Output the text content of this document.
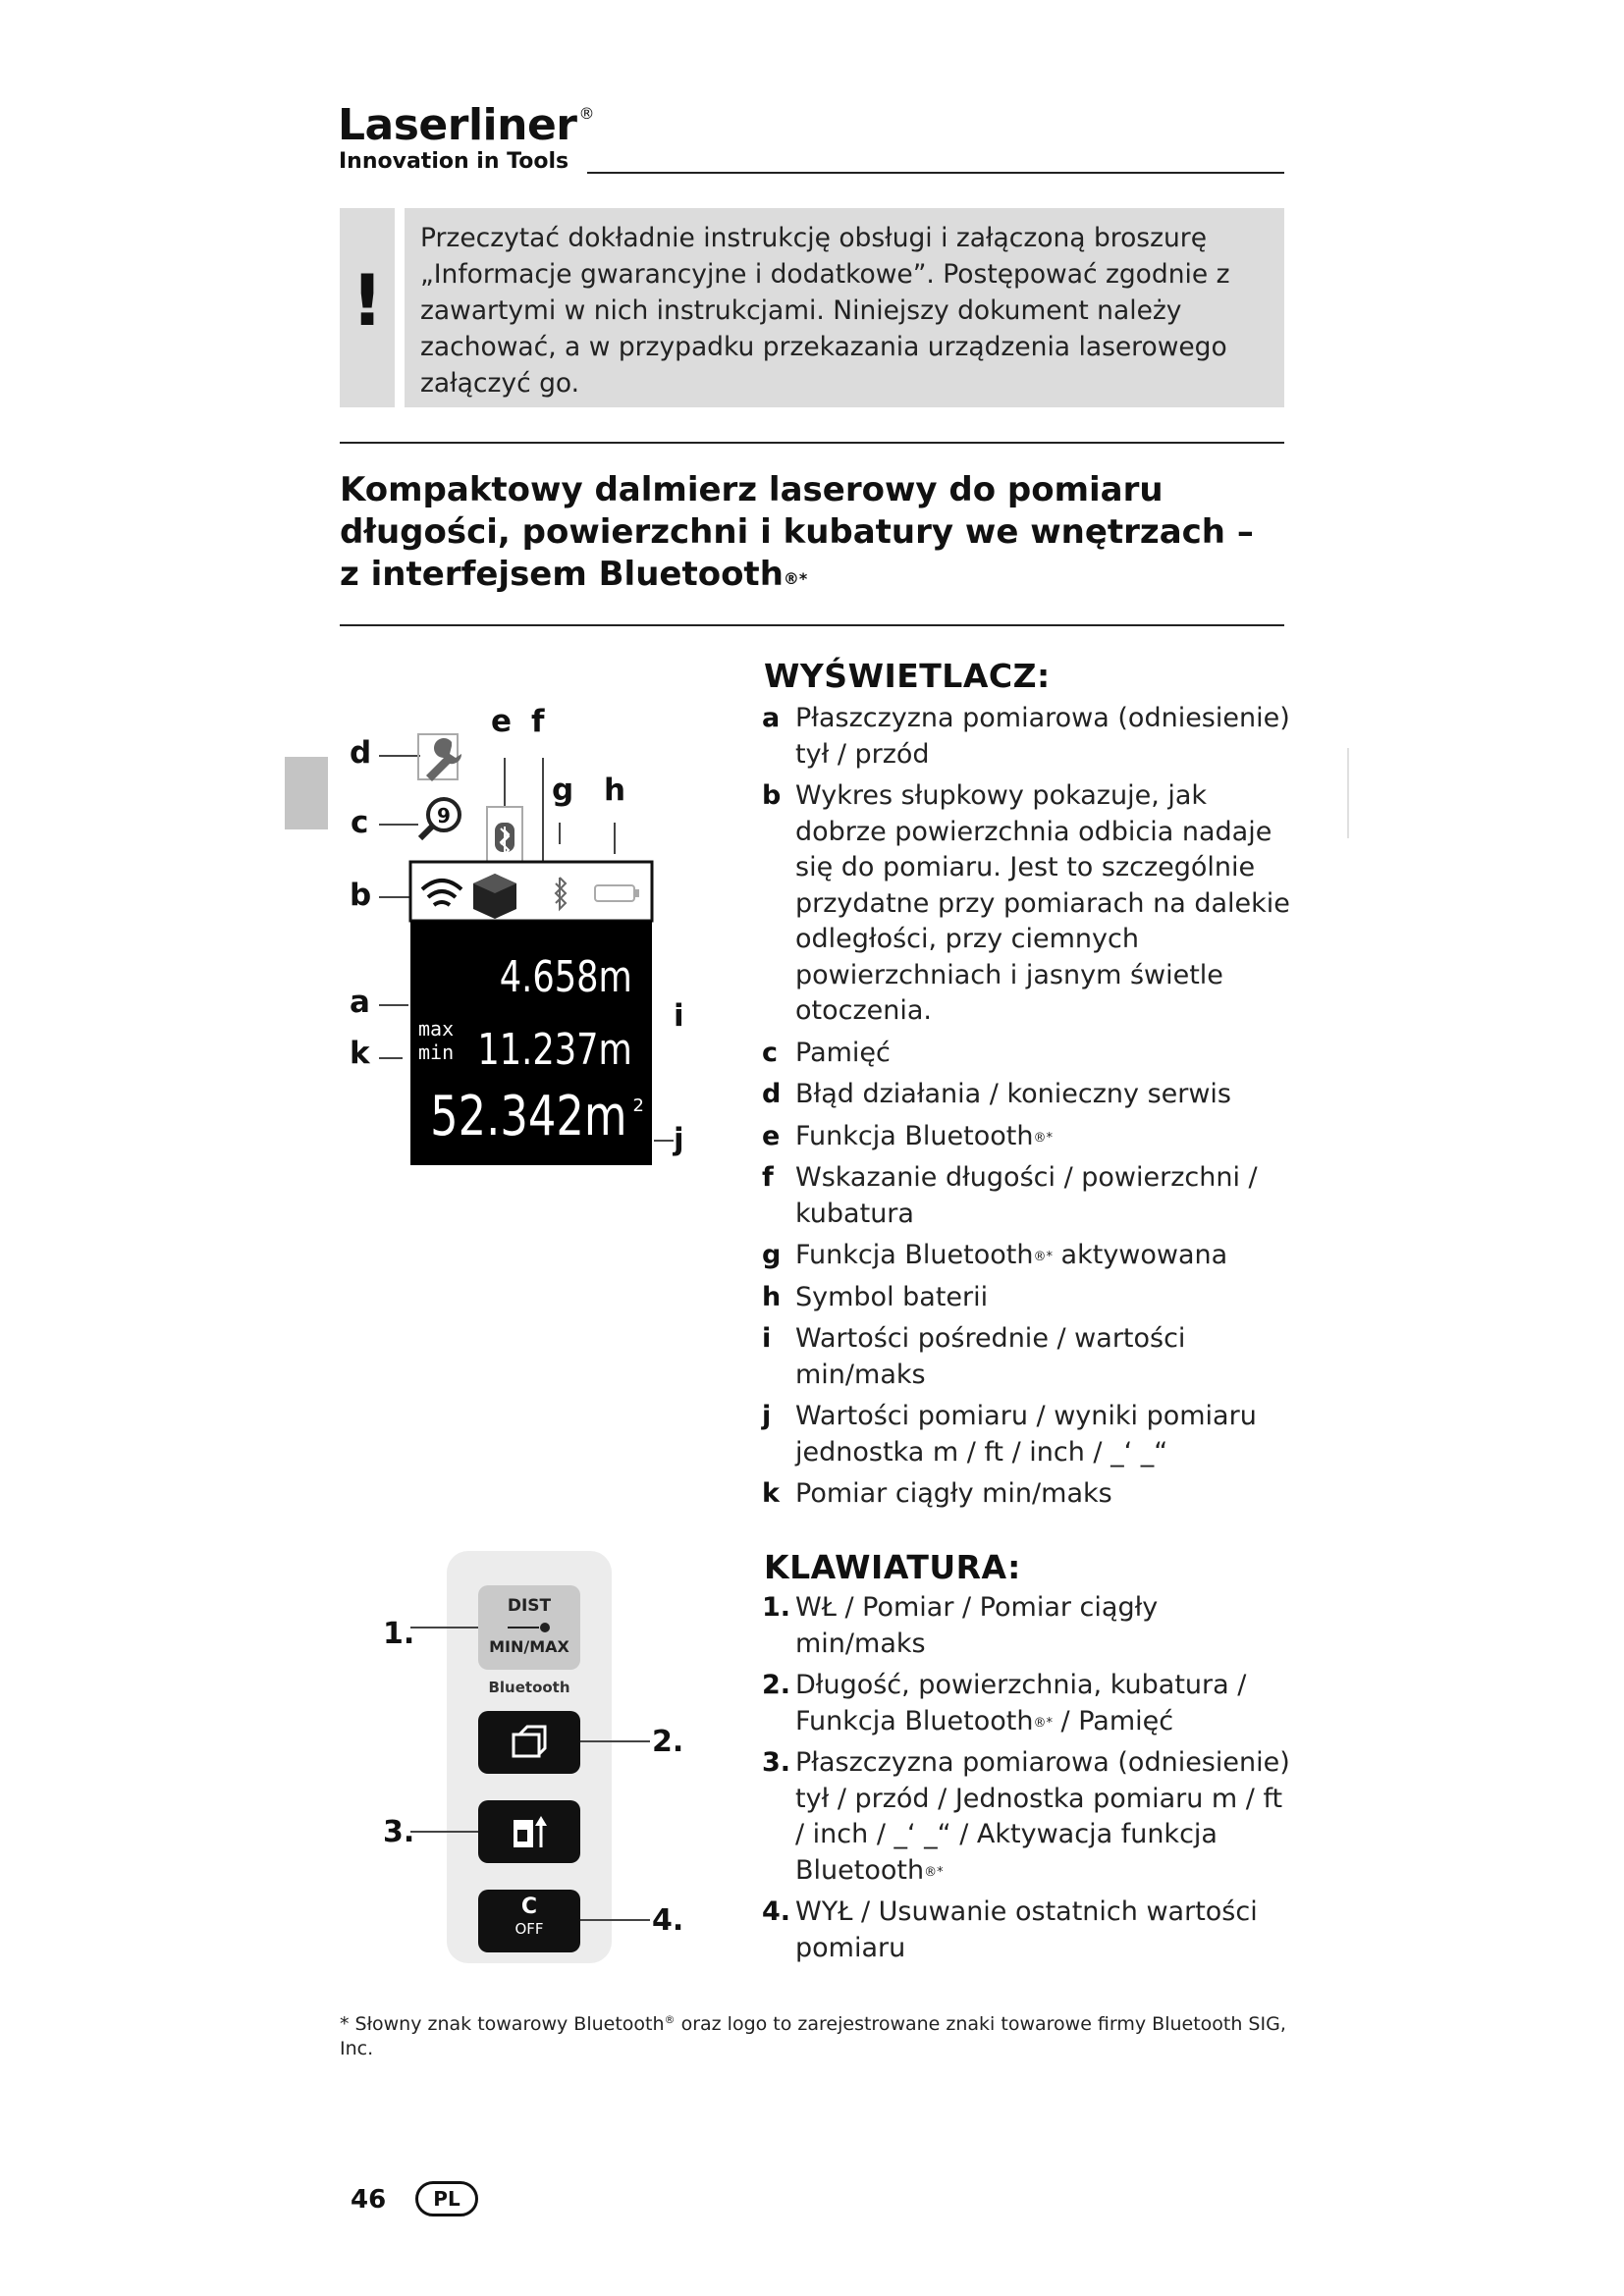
Laserliner ®
Innovation in Tools
!
Przeczytać dokładnie instrukcję obsługi i załączoną broszurę „Informacje gwarancyjne i dodatkowe”. Postępować zgodnie z zawartymi w nich instrukcjami. Niniejszy dokument należy zachować, a w przypadku przekazania urządzenia laserowego załączyć go.
Kompaktowy dalmierz laserowy do pomiaru długości, powierzchni i kubatury we wnętrzach – z interfejsem Bluetooth®*
WYŚWIETLACZ:
a Płaszczyzna pomiarowa (odniesienie) tył / przód
b Wykres słupkowy pokazuje, jak dobrze powierzchnia odbicia nadaje się do pomiaru. Jest to szczególnie przydatne przy pomiarach na dalekie odległości, przy ciemnych powierzchniach i jasnym świetle otoczenia.
c Pamięć
d Błąd działania / konieczny serwis
e Funkcja Bluetooth®*
f Wskazanie długości / powierzchni / kubatura
g Funkcja Bluetooth®* aktywowana
h Symbol baterii
i Wartości pośrednie / wartości min/maks
j Wartości pomiaru / wyniki pomiaru jednostka m / ft / inch / _‘ _“
k Pomiar ciągły min/maks
9
4.658m
max
min 11.237m
52.342m 2
d
c
b
a
k
e f
g h
i
j
KLAWIATURA:
1. WŁ / Pomiar / Pomiar ciągły min/maks
2. Długość, powierzchnia, kubatura / Funkcja Bluetooth®* / Pamięć
3. Płaszczyzna pomiarowa (odniesienie) tył / przód / Jednostka pomiaru m / ft / inch / _‘ _“ / Aktywacja funkcja Bluetooth®*
4. WYŁ / Usuwanie ostatnich wartości pomiaru
DIST
MIN/MAX
Bluetooth
C
OFF
1.
2.
3.
4.
* Słowny znak towarowy Bluetooth® oraz logo to zarejestrowane znaki towarowe firmy Bluetooth SIG, Inc.
46	PL
